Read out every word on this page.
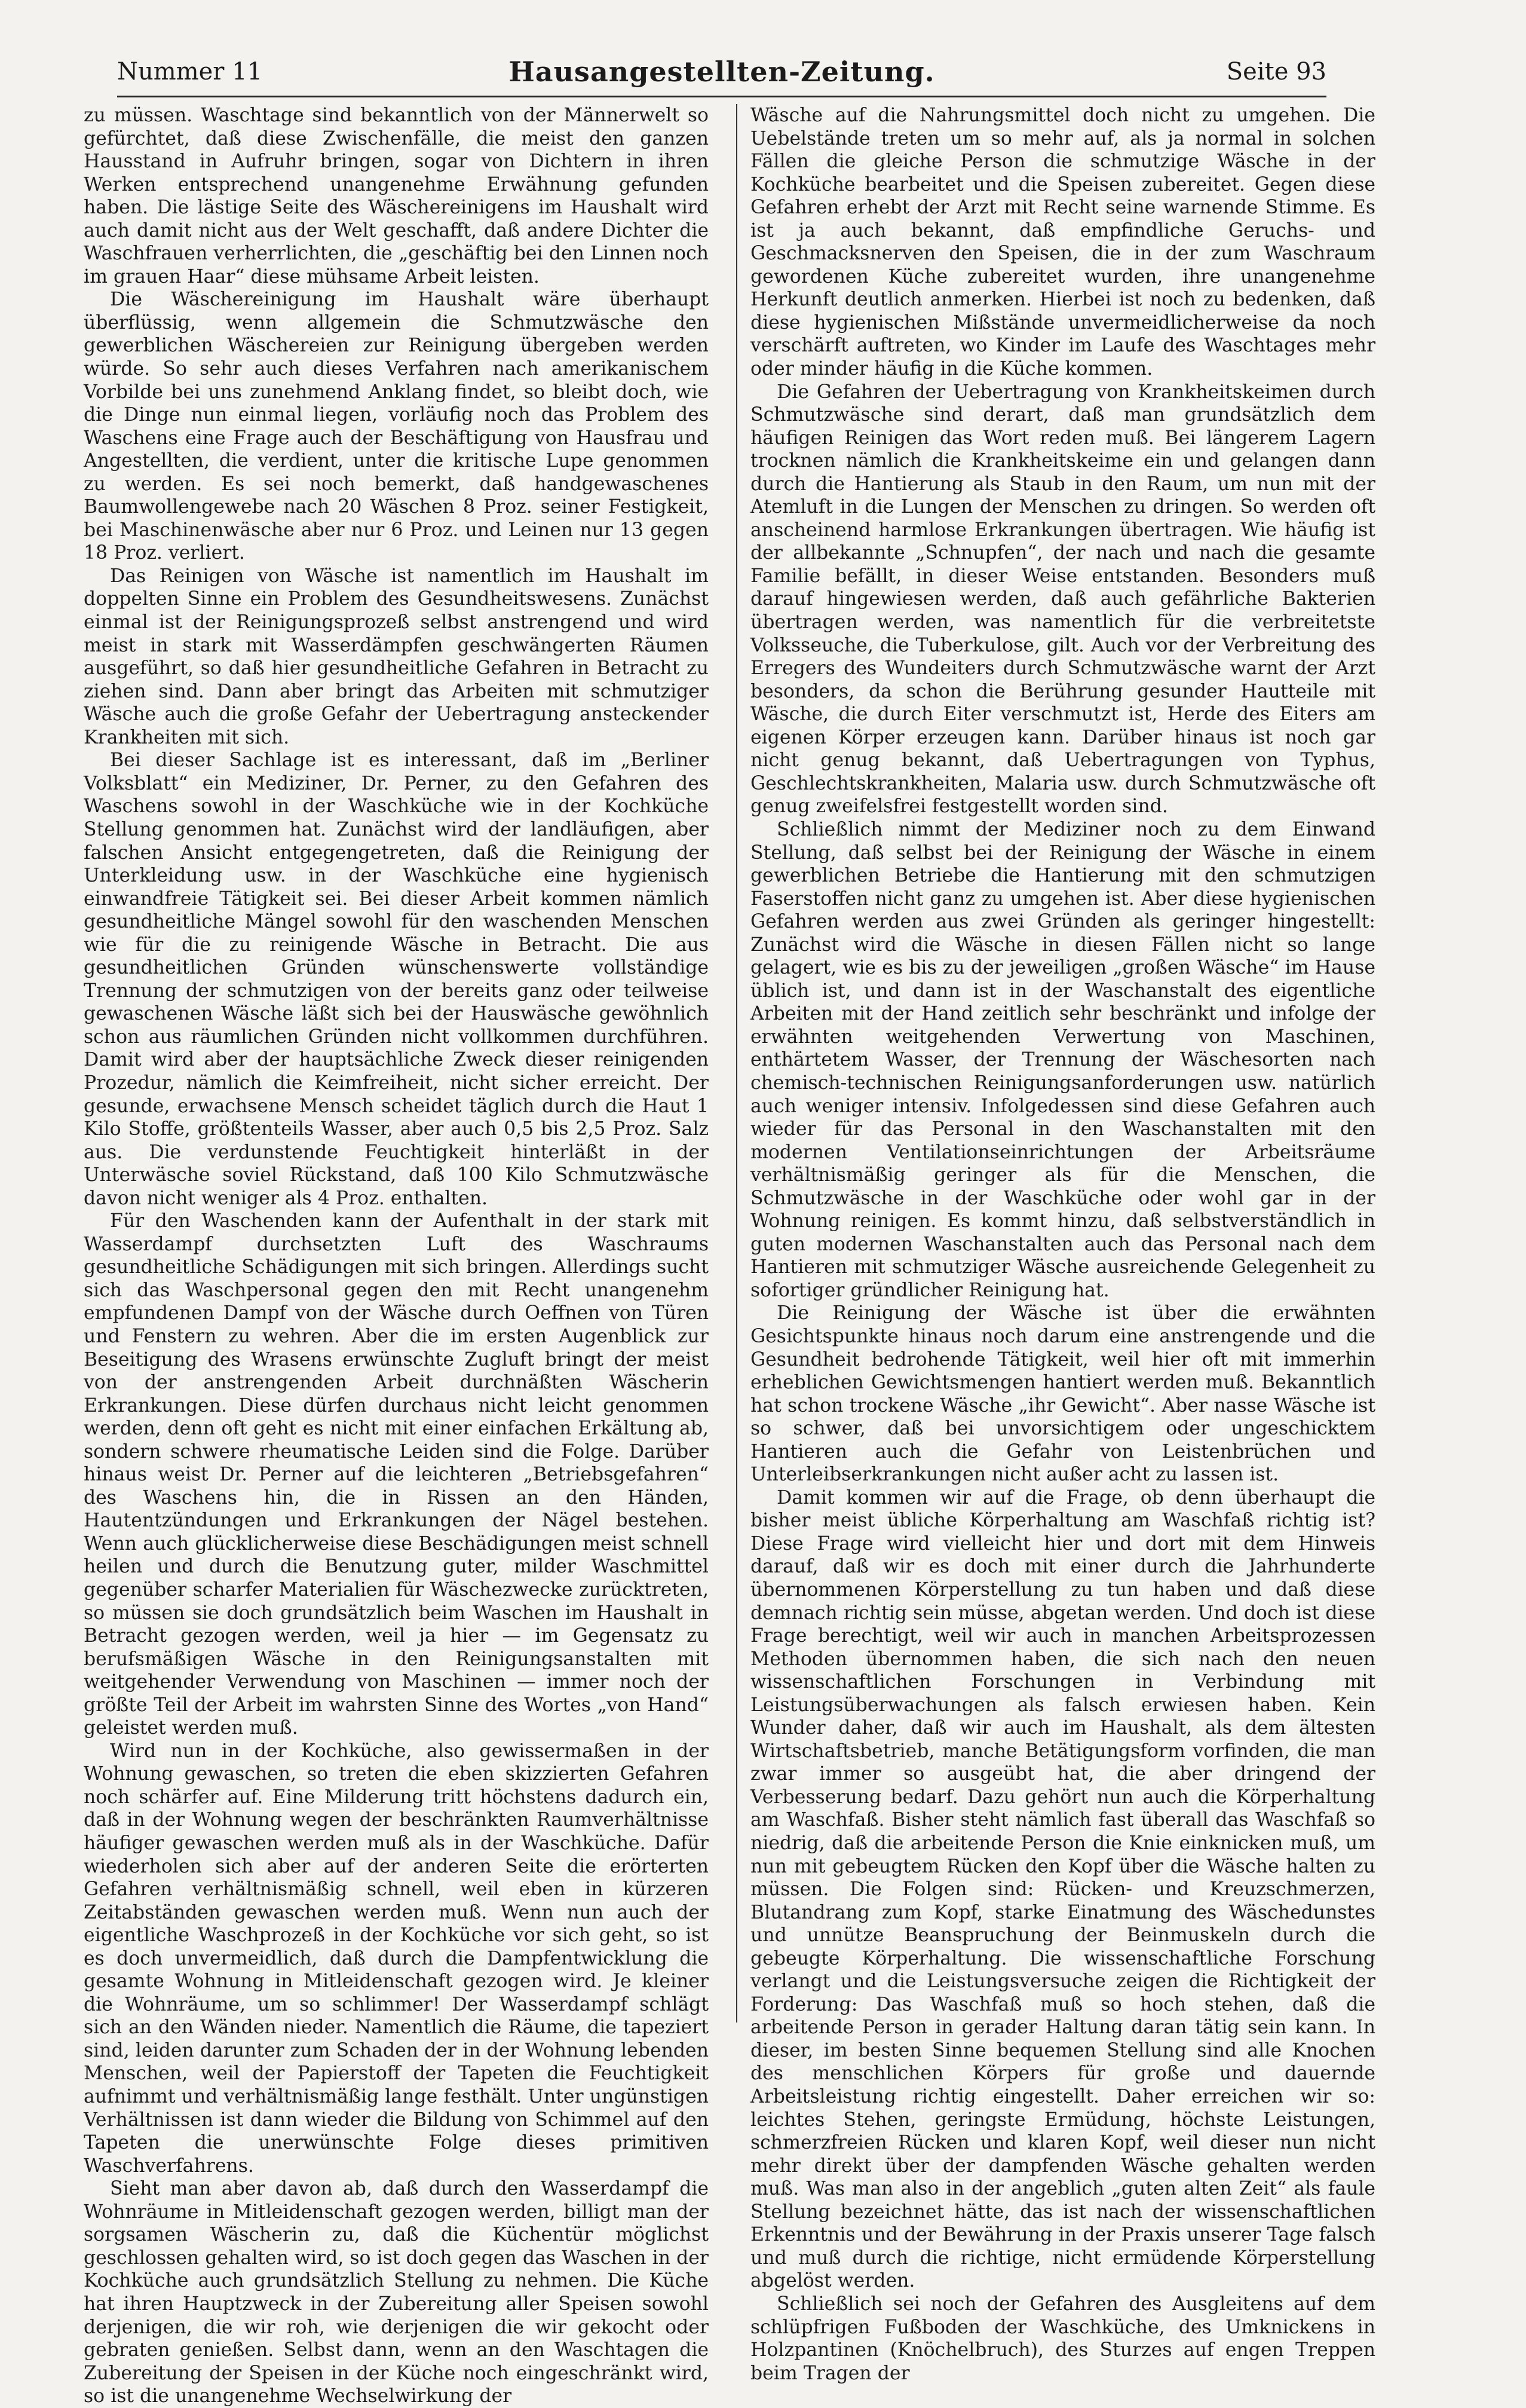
Hausangestellten-Zeitung.
Nummer 11	Seite 93

zu müssen. Waschtage sind bekanntlich von der Männerwelt so gefürchtet, daß diese Zwischenfälle, die meist den ganzen Hausstand in Aufruhr bringen, sogar von Dichtern in ihren Werken entsprechend unangenehme Erwähnung gefunden haben. Die lästige Seite des Wäschereinigens im Haushalt wird auch damit nicht aus der Welt geschafft, daß andere Dichter die Waschfrauen verherrlichten, die „geschäftig bei den Linnen noch im grauen Haar“ diese mühsame Arbeit leisten.

Die Wäschereinigung im Haushalt wäre überhaupt überflüssig, wenn allgemein die Schmutzwäsche den gewerblichen Wäschereien zur Reinigung übergeben werden würde. So sehr auch dieses Verfahren nach amerikanischem Vorbilde bei uns zunehmend Anklang findet, so bleibt doch, wie die Dinge nun einmal liegen, vorläufig noch das Problem des Waschens eine Frage auch der Beschäftigung von Hausfrau und Angestellten, die verdient, unter die kritische Lupe genommen zu werden. Es sei noch bemerkt, daß handgewaschenes Baumwollengewebe nach 20 Wäschen 8 Proz. seiner Festigkeit, bei Maschinenwäsche aber nur 6 Proz. und Leinen nur 13 gegen 18 Proz. verliert.

Das Reinigen von Wäsche ist namentlich im Haushalt im doppelten Sinne ein Problem des Gesundheitswesens. Zunächst einmal ist der Reinigungsprozeß selbst anstrengend und wird meist in stark mit Wasserdämpfen geschwängerten Räumen ausgeführt, so daß hier gesundheitliche Gefahren in Betracht zu ziehen sind. Dann aber bringt das Arbeiten mit schmutziger Wäsche auch die große Gefahr der Uebertragung ansteckender Krankheiten mit sich.

Bei dieser Sachlage ist es interessant, daß im „Berliner Volksblatt“ ein Mediziner, Dr. Perner, zu den Gefahren des Waschens sowohl in der Waschküche wie in der Kochküche Stellung genommen hat. Zunächst wird der landläufigen, aber falschen Ansicht entgegengetreten, daß die Reinigung der Unterkleidung usw. in der Waschküche eine hygienisch einwandfreie Tätigkeit sei. Bei dieser Arbeit kommen nämlich gesundheitliche Mängel sowohl für den waschenden Menschen wie für die zu reinigende Wäsche in Betracht. Die aus gesundheitlichen Gründen wünschenswerte vollständige Trennung der schmutzigen von der bereits ganz oder teilweise gewaschenen Wäsche läßt sich bei der Hauswäsche gewöhnlich schon aus räumlichen Gründen nicht vollkommen durchführen. Damit wird aber der hauptsächliche Zweck dieser reinigenden Prozedur, nämlich die Keimfreiheit, nicht sicher erreicht. Der gesunde, erwachsene Mensch scheidet täglich durch die Haut 1 Kilo Stoffe, größtenteils Wasser, aber auch 0,5 bis 2,5 Proz. Salz aus. Die verdunstende Feuchtigkeit hinterläßt in der Unterwäsche soviel Rückstand, daß 100 Kilo Schmutzwäsche davon nicht weniger als 4 Proz. enthalten.

Für den Waschenden kann der Aufenthalt in der stark mit Wasserdampf durchsetzten Luft des Waschraums gesundheitliche Schädigungen mit sich bringen. Allerdings sucht sich das Waschpersonal gegen den mit Recht unangenehm empfundenen Dampf von der Wäsche durch Oeffnen von Türen und Fenstern zu wehren. Aber die im ersten Augenblick zur Beseitigung des Wrasens erwünschte Zugluft bringt der meist von der anstrengenden Arbeit durchnäßten Wäscherin Erkrankungen. Diese dürfen durchaus nicht leicht genommen werden, denn oft geht es nicht mit einer einfachen Erkältung ab, sondern schwere rheumatische Leiden sind die Folge. Darüber hinaus weist Dr. Perner auf die leichteren „Betriebsgefahren“ des Waschens hin, die in Rissen an den Händen, Hautentzündungen und Erkrankungen der Nägel bestehen. Wenn auch glücklicherweise diese Beschädigungen meist schnell heilen und durch die Benutzung guter, milder Waschmittel gegenüber scharfer Materialien für Wäschezwecke zurücktreten, so müssen sie doch grundsätzlich beim Waschen im Haushalt in Betracht gezogen werden, weil ja hier — im Gegensatz zu berufsmäßigen Wäsche in den Reinigungsanstalten mit weitgehender Verwendung von Maschinen — immer noch der größte Teil der Arbeit im wahrsten Sinne des Wortes „von Hand“ geleistet werden muß.

Wird nun in der Kochküche, also gewissermaßen in der Wohnung gewaschen, so treten die eben skizzierten Gefahren noch schärfer auf. Eine Milderung tritt höchstens dadurch ein, daß in der Wohnung wegen der beschränkten Raumverhältnisse häufiger gewaschen werden muß als in der Waschküche. Dafür wiederholen sich aber auf der anderen Seite die erörterten Gefahren verhältnismäßig schnell, weil eben in kürzeren Zeitabständen gewaschen werden muß. Wenn nun auch der eigentliche Waschprozeß in der Kochküche vor sich geht, so ist es doch unvermeidlich, daß durch die Dampfentwicklung die gesamte Wohnung in Mitleidenschaft gezogen wird. Je kleiner die Wohnräume, um so schlimmer! Der Wasserdampf schlägt sich an den Wänden nieder. Namentlich die Räume, die tapeziert sind, leiden darunter zum Schaden der in der Wohnung lebenden Menschen, weil der Papierstoff der Tapeten die Feuchtigkeit aufnimmt und verhältnismäßig lange festhält. Unter ungünstigen Verhältnissen ist dann wieder die Bildung von Schimmel auf den Tapeten die unerwünschte Folge dieses primitiven Waschverfahrens.

Sieht man aber davon ab, daß durch den Wasserdampf die Wohnräume in Mitleidenschaft gezogen werden, billigt man der sorgsamen Wäscherin zu, daß die Küchentür möglichst geschlossen gehalten wird, so ist doch gegen das Waschen in der Kochküche auch grundsätzlich Stellung zu nehmen. Die Küche hat ihren Hauptzweck in der Zubereitung aller Speisen sowohl derjenigen, die wir roh, wie derjenigen die wir gekocht oder gebraten genießen. Selbst dann, wenn an den Waschtagen die Zubereitung der Speisen in der Küche noch eingeschränkt wird, so ist die unangenehme Wechselwirkung der

Wäsche auf die Nahrungsmittel doch nicht zu umgehen. Die Uebelstände treten um so mehr auf, als ja normal in solchen Fällen die gleiche Person die schmutzige Wäsche in der Kochküche bearbeitet und die Speisen zubereitet. Gegen diese Gefahren erhebt der Arzt mit Recht seine warnende Stimme. Es ist ja auch bekannt, daß empfindliche Geruchs- und Geschmacksnerven den Speisen, die in der zum Waschraum gewordenen Küche zubereitet wurden, ihre unangenehme Herkunft deutlich anmerken. Hierbei ist noch zu bedenken, daß diese hygienischen Mißstände unvermeidlicherweise da noch verschärft auftreten, wo Kinder im Laufe des Waschtages mehr oder minder häufig in die Küche kommen.

Die Gefahren der Uebertragung von Krankheitskeimen durch Schmutzwäsche sind derart, daß man grundsätzlich dem häufigen Reinigen das Wort reden muß. Bei längerem Lagern trocknen nämlich die Krankheitskeime ein und gelangen dann durch die Hantierung als Staub in den Raum, um nun mit der Atemluft in die Lungen der Menschen zu dringen. So werden oft anscheinend harmlose Erkrankungen übertragen. Wie häufig ist der allbekannte „Schnupfen“, der nach und nach die gesamte Familie befällt, in dieser Weise entstanden. Besonders muß darauf hingewiesen werden, daß auch gefährliche Bakterien übertragen werden, was namentlich für die verbreitetste Volksseuche, die Tuberkulose, gilt. Auch vor der Verbreitung des Erregers des Wundeiters durch Schmutzwäsche warnt der Arzt besonders, da schon die Berührung gesunder Hautteile mit Wäsche, die durch Eiter verschmutzt ist, Herde des Eiters am eigenen Körper erzeugen kann. Darüber hinaus ist noch gar nicht genug bekannt, daß Uebertragungen von Typhus, Geschlechtskrankheiten, Malaria usw. durch Schmutzwäsche oft genug zweifelsfrei festgestellt worden sind.

Schließlich nimmt der Mediziner noch zu dem Einwand Stellung, daß selbst bei der Reinigung der Wäsche in einem gewerblichen Betriebe die Hantierung mit den schmutzigen Faserstoffen nicht ganz zu umgehen ist. Aber diese hygienischen Gefahren werden aus zwei Gründen als geringer hingestellt: Zunächst wird die Wäsche in diesen Fällen nicht so lange gelagert, wie es bis zu der jeweiligen „großen Wäsche“ im Hause üblich ist, und dann ist in der Waschanstalt des eigentliche Arbeiten mit der Hand zeitlich sehr beschränkt und infolge der erwähnten weitgehenden Verwertung von Maschinen, enthärtetem Wasser, der Trennung der Wäschesorten nach chemisch-technischen Reinigungsanforderungen usw. natürlich auch weniger intensiv. Infolgedessen sind diese Gefahren auch wieder für das Personal in den Waschanstalten mit den modernen Ventilationseinrichtungen der Arbeitsräume verhältnismäßig geringer als für die Menschen, die Schmutzwäsche in der Waschküche oder wohl gar in der Wohnung reinigen. Es kommt hinzu, daß selbstverständlich in guten modernen Waschanstalten auch das Personal nach dem Hantieren mit schmutziger Wäsche ausreichende Gelegenheit zu sofortiger gründlicher Reinigung hat.

Die Reinigung der Wäsche ist über die erwähnten Gesichtspunkte hinaus noch darum eine anstrengende und die Gesundheit bedrohende Tätigkeit, weil hier oft mit immerhin erheblichen Gewichtsmengen hantiert werden muß. Bekanntlich hat schon trockene Wäsche „ihr Gewicht“. Aber nasse Wäsche ist so schwer, daß bei unvorsichtigem oder ungeschicktem Hantieren auch die Gefahr von Leistenbrüchen und Unterleibserkrankungen nicht außer acht zu lassen ist.

Damit kommen wir auf die Frage, ob denn überhaupt die bisher meist übliche Körperhaltung am Waschfaß richtig ist? Diese Frage wird vielleicht hier und dort mit dem Hinweis darauf, daß wir es doch mit einer durch die Jahrhunderte übernommenen Körperstellung zu tun haben und daß diese demnach richtig sein müsse, abgetan werden. Und doch ist diese Frage berechtigt, weil wir auch in manchen Arbeitsprozessen Methoden übernommen haben, die sich nach den neuen wissenschaftlichen Forschungen in Verbindung mit Leistungsüberwachungen als falsch erwiesen haben. Kein Wunder daher, daß wir auch im Haushalt, als dem ältesten Wirtschaftsbetrieb, manche Betätigungsform vorfinden, die man zwar immer so ausgeübt hat, die aber dringend der Verbesserung bedarf. Dazu gehört nun auch die Körperhaltung am Waschfaß. Bisher steht nämlich fast überall das Waschfaß so niedrig, daß die arbeitende Person die Knie einknicken muß, um nun mit gebeugtem Rücken den Kopf über die Wäsche halten zu müssen. Die Folgen sind: Rücken- und Kreuzschmerzen, Blutandrang zum Kopf, starke Einatmung des Wäschedunstes und unnütze Beanspruchung der Beinmuskeln durch die gebeugte Körperhaltung. Die wissenschaftliche Forschung verlangt und die Leistungsversuche zeigen die Richtigkeit der Forderung: Das Waschfaß muß so hoch stehen, daß die arbeitende Person in gerader Haltung daran tätig sein kann. In dieser, im besten Sinne bequemen Stellung sind alle Knochen des menschlichen Körpers für große und dauernde Arbeitsleistung richtig eingestellt. Daher erreichen wir so: leichtes Stehen, geringste Ermüdung, höchste Leistungen, schmerzfreien Rücken und klaren Kopf, weil dieser nun nicht mehr direkt über der dampfenden Wäsche gehalten werden muß. Was man also in der angeblich „guten alten Zeit“ als faule Stellung bezeichnet hätte, das ist nach der wissenschaftlichen Erkenntnis und der Bewährung in der Praxis unserer Tage falsch und muß durch die richtige, nicht ermüdende Körperstellung abgelöst werden.

Schließlich sei noch der Gefahren des Ausgleitens auf dem schlüpfrigen Fußboden der Waschküche, des Umknickens in Holzpantinen (Knöchelbruch), des Sturzes auf engen Treppen beim Tragen der
